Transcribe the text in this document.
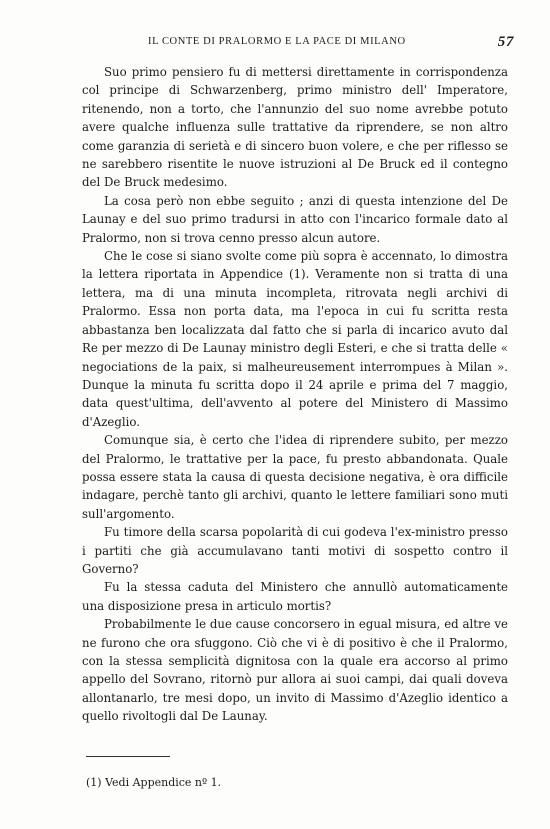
IL CONTE DI PRALORMO E LA PACE DI MILANO	57

Suo primo pensiero fu di mettersi direttamente in corrispondenza col principe di Schwarzenberg, primo ministro dell' Imperatore, ritenendo, non a torto, che l'annunzio del suo nome avrebbe potuto avere qualche influenza sulle trattative da riprendere, se non altro come garanzia di serietà e di sincero buon volere, e che per riflesso se ne sarebbero risentite le nuove istruzioni al De Bruck ed il contegno del De Bruck medesimo.

La cosa però non ebbe seguito ; anzi di questa intenzione del De Launay e del suo primo tradursi in atto con l'incarico formale dato al Pralormo, non si trova cenno presso alcun autore.

Che le cose si siano svolte come più sopra è accennato, lo dimostra la lettera riportata in Appendice (1). Veramente non si tratta di una lettera, ma di una minuta incompleta, ritrovata negli archivi di Pralormo. Essa non porta data, ma l'epoca in cui fu scritta resta abbastanza ben localizzata dal fatto che si parla di incarico avuto dal Re per mezzo di De Launay ministro degli Esteri, e che si tratta delle « negociations de la paix, si malheureusement interrompues à Milan ». Dunque la minuta fu scritta dopo il 24 aprile e prima del 7 maggio, data quest'ultima, dell'avvento al potere del Ministero di Massimo d'Azeglio.

Comunque sia, è certo che l'idea di riprendere subito, per mezzo del Pralormo, le trattative per la pace, fu presto abbandonata. Quale possa essere stata la causa di questa decisione negativa, è ora difficile indagare, perchè tanto gli archivi, quanto le lettere familiari sono muti sull'argomento.

Fu timore della scarsa popolarità di cui godeva l'ex-ministro presso i partiti che già accumulavano tanti motivi di sospetto contro il Governo?

Fu la stessa caduta del Ministero che annullò automaticamente una disposizione presa in articulo mortis?

Probabilmente le due cause concorsero in egual misura, ed altre ve ne furono che ora sfuggono. Ciò che vi è di positivo è che il Pralormo, con la stessa semplicità dignitosa con la quale era accorso al primo appello del Sovrano, ritornò pur allora ai suoi campi, dai quali doveva allontanarlo, tre mesi dopo, un invito di Massimo d'Azeglio identico a quello rivoltogli dal De Launay.

(1) Vedi Appendice nº 1.
